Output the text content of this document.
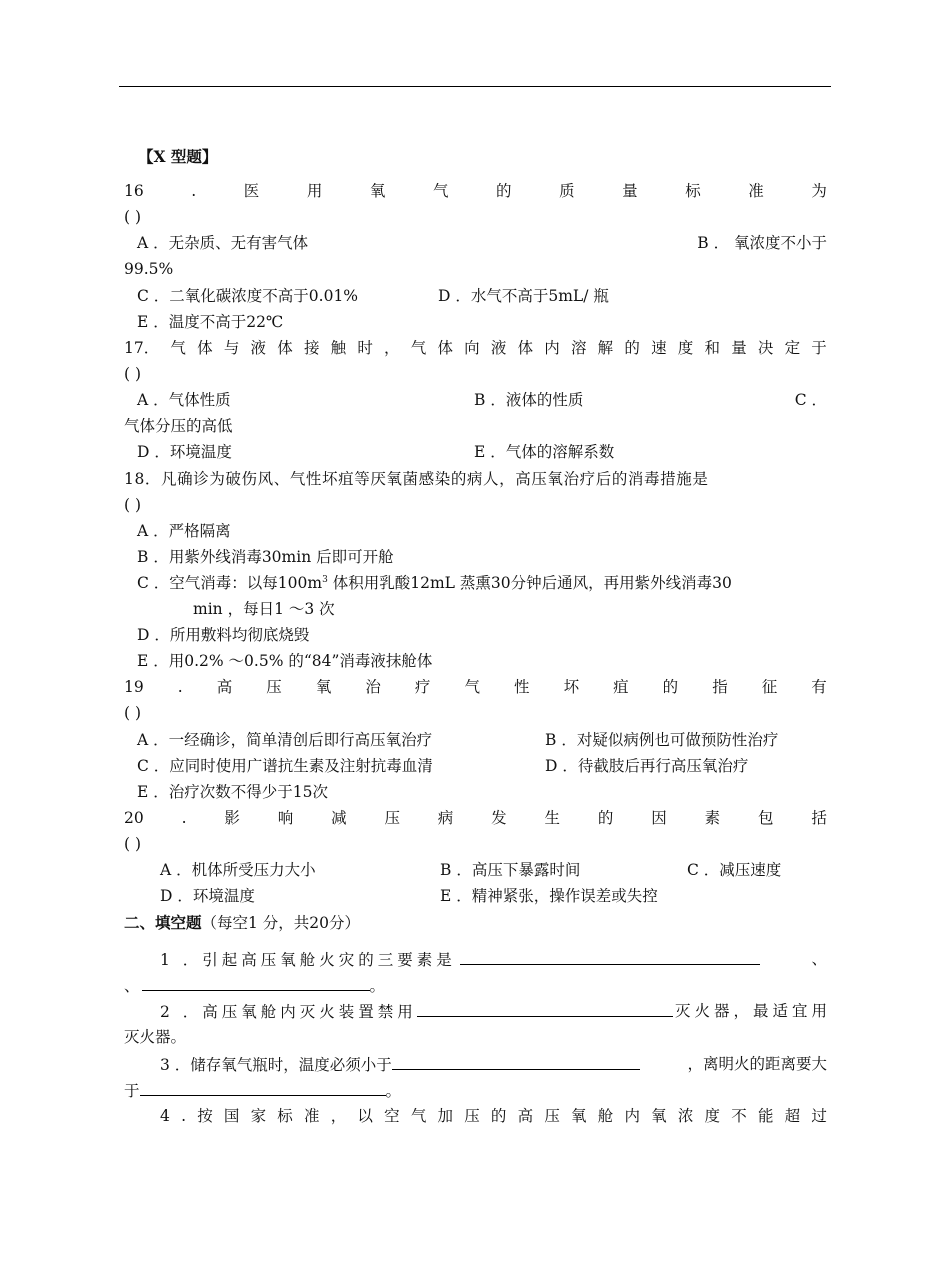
【X 型题】
16	.	医	用	氧	气	的	质	量	标	准	为
( )
A ．无杂质、无有害气体	B ． 氧浓度不小于
99.5%
C ．二氧化碳浓度不高于0.01%	D ．水气不高于5mL/ 瓶
E ．温度不高于22℃
17． 气 体 与 液 体 接 触 时 ， 气 体 向 液 体 内 溶 解 的 速 度 和 量 决 定 于
( )
A ．气体性质	B ．液体的性质	C ．
气体分压的高低
D ．环境温度	E ．气体的溶解系数
18．凡确诊为破伤风、气性坏疽等厌氧菌感染的病人，高压氧治疗后的消毒措施是
( )
A ．严格隔离
B ．用紫外线消毒30min 后即可开舱
C ．空气消毒：以每$100m^3$ 体积用乳酸12mL 蒸熏30分钟后通风，再用紫外线消毒30
min ，每日1 ～3 次
D ．所用敷料均彻底烧毁
E ．用0.2% ～0.5% 的“84”消毒液抹舱体
19 . 高 压 氧 治 疗 气 性 坏 疽 的 指 征 有
( )
A ．一经确诊，简单清创后即行高压氧治疗	B ．对疑似病例也可做预防性治疗
C ．应同时使用广谱抗生素及注射抗毒血清	D ．待截肢后再行高压氧治疗
E ．治疗次数不得少于15次
20 . 影 响 减 压 病 发 生 的 因 素 包 括
( )
A ．机体所受压力大小	B ．高压下暴露时间	C ．减压速度
D ．环境温度	E ．精神紧张，操作误差或失控
二、填空题（每空1 分，共20分）
1 ．引起高压氧舱火灾的三要素是	、
、	。
2 ．高压氧舱内灭火装置禁用	灭火器，最适宜用
灭火器。
3 ．储存氧气瓶时，温度必须小于	，离明火的距离要大
于	。
4 . 按 国 家 标 准 ， 以 空 气 加 压 的 高 压 氧 舱 内 氧 浓 度 不 能 超 过
